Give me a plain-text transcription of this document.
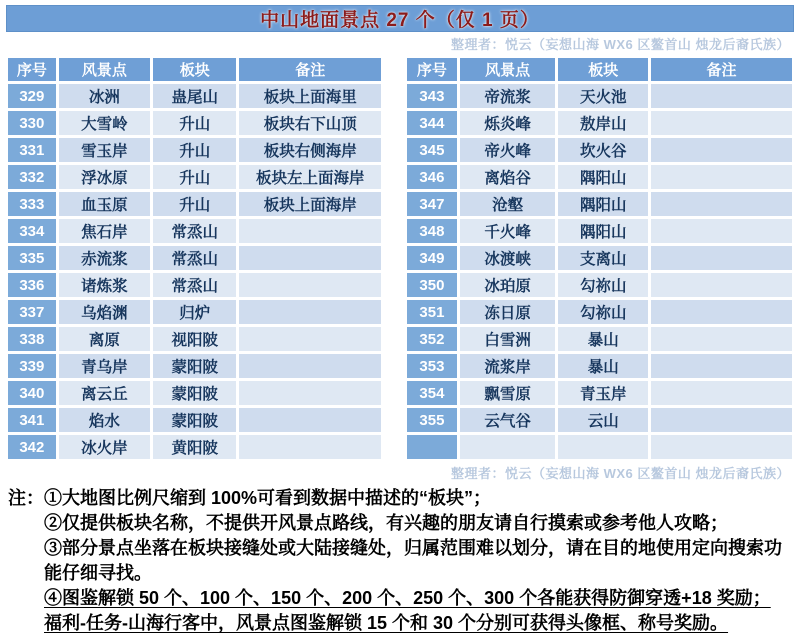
中山地面景点 27 个（仅 1 页）
整理者：悦云（妄想山海 WX6 区鳌首山 烛龙后裔氏族）
序号	风景点	板块	备注
329	冰洲	蛊尾山	板块上面海里
330	大雪岭	升山	板块右下山顶
331	雪玉岸	升山	板块右侧海岸
332	浮冰原	升山	板块左上面海岸
333	血玉原	升山	板块上面海岸
334	焦石岸	常烝山	
335	赤流浆	常烝山	
336	诸炼浆	常烝山	
337	乌焰渊	归炉	
338	离原	视阳陂	
339	青乌岸	蒙阳陂	
340	离云丘	蒙阳陂	
341	焰水	蒙阳陂	
342	冰火岸	黄阳陂	
序号	风景点	板块	备注
343	帝流浆	天火池	
344	烁炎峰	敖岸山	
345	帝火峰	坎火谷	
346	离焰谷	隅阳山	
347	沧壑	隅阳山	
348	千火峰	隅阳山	
349	冰渡峡	支离山	
350	冰珀原	勾祢山	
351	冻日原	勾祢山	
352	白雪洲	暴山	
353	流浆岸	暴山	
354	飘雪原	青玉岸	
355	云气谷	云山	

整理者：悦云（妄想山海 WX6 区鳌首山 烛龙后裔氏族）
注： ①大地图比例尺缩到 100%可看到数据中描述的“板块”；
②仅提供板块名称，不提供开风景点路线，有兴趣的朋友请自行摸索或参考他人攻略；
③部分景点坐落在板块接缝处或大陆接缝处，归属范围难以划分，请在目的地使用定向搜索功能仔细寻找。
④图鉴解锁 50 个、100 个、150 个、200 个、250 个、300 个各能获得防御穿透+18 奖励；
福利-任务-山海行客中，风景点图鉴解锁 15 个和 30 个分别可获得头像框、称号奖励。
